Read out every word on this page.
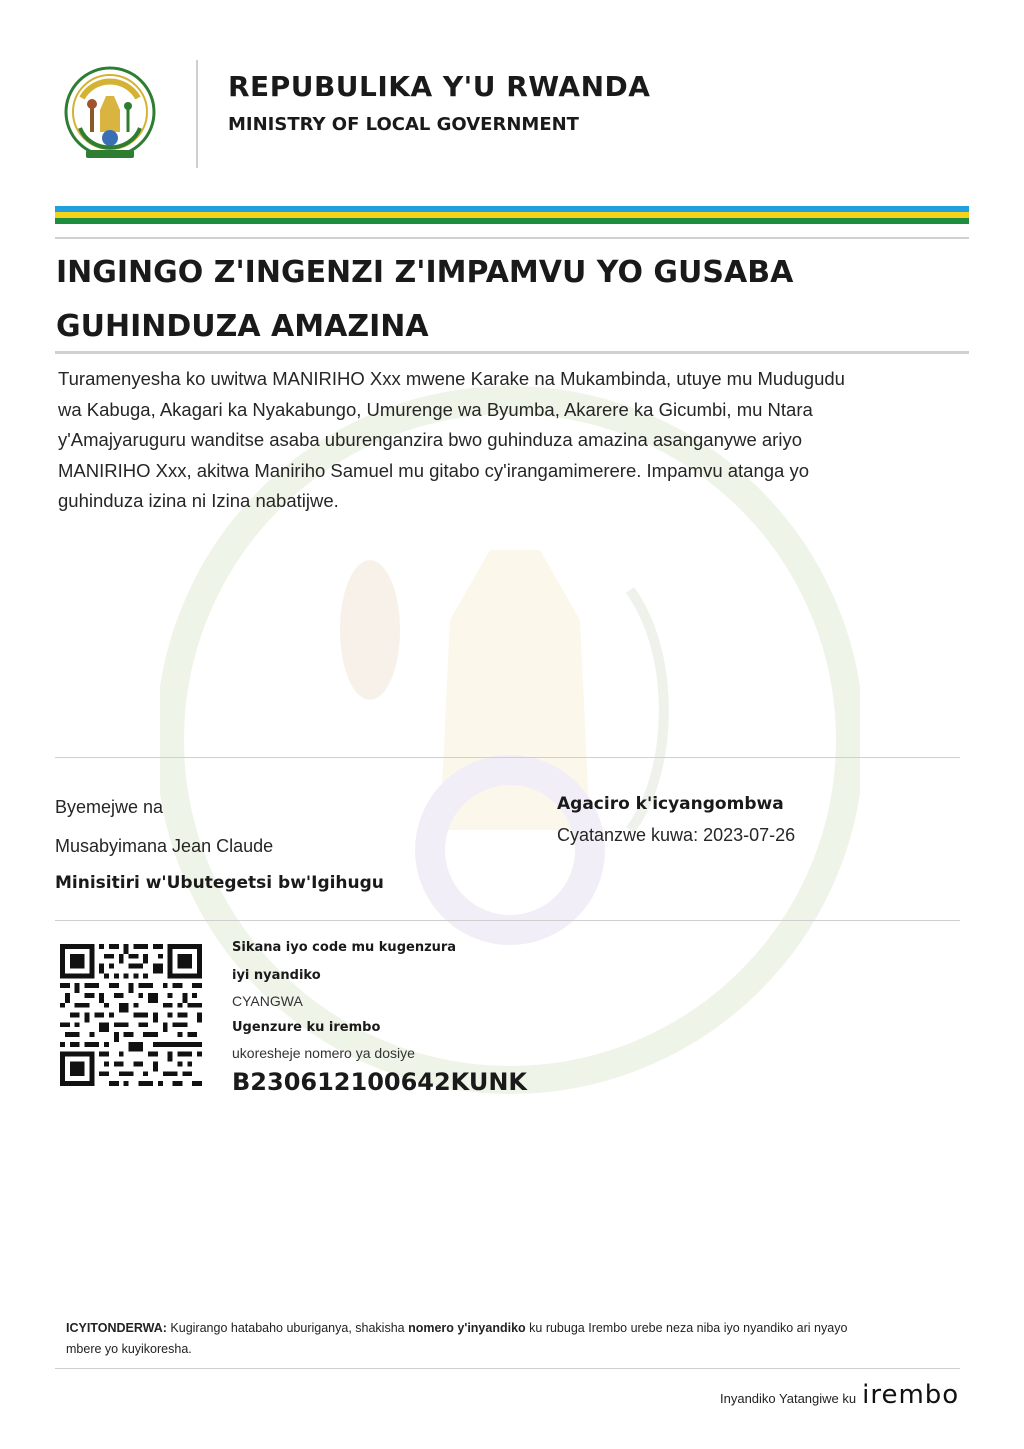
REPUBULIKA Y'U RWANDA
MINISTRY OF LOCAL GOVERNMENT
INGINGO Z'INGENZI Z'IMPAMVU YO GUSABA
GUHINDUZA AMAZINA
Turamenyesha ko uwitwa MANIRIHO Xxx mwene Karake na Mukambinda, utuye mu Mudugudu
wa Kabuga, Akagari ka Nyakabungo, Umurenge wa Byumba, Akarere ka Gicumbi, mu Ntara
y'Amajyaruguru wanditse asaba uburenganzira bwo guhinduza amazina asanganywe ariyo
MANIRIHO Xxx, akitwa Maniriho Samuel mu gitabo cy'irangamimerere. Impamvu atanga yo
guhinduza izina ni Izina nabatijwe.
Byemejwe na
Musabyimana Jean Claude
Minisitiri w'Ubutegetsi bw'Igihugu
Agaciro k'icyangombwa
Cyatanzwe kuwa: 2023-07-26
Sikana iyo code mu kugenzura
iyi nyandiko
CYANGWA
Ugenzure ku irembo
ukoresheje nomero ya dosiye
B230612100642KUNK
ICYITONDERWA: Kugirango hatabaho uburiganya, shakisha nomero y'inyandiko ku rubuga Irembo urebe neza niba iyo nyandiko ari nyayo
mbere yo kuyikoresha.
Inyandiko Yatangiwe ku irembo
